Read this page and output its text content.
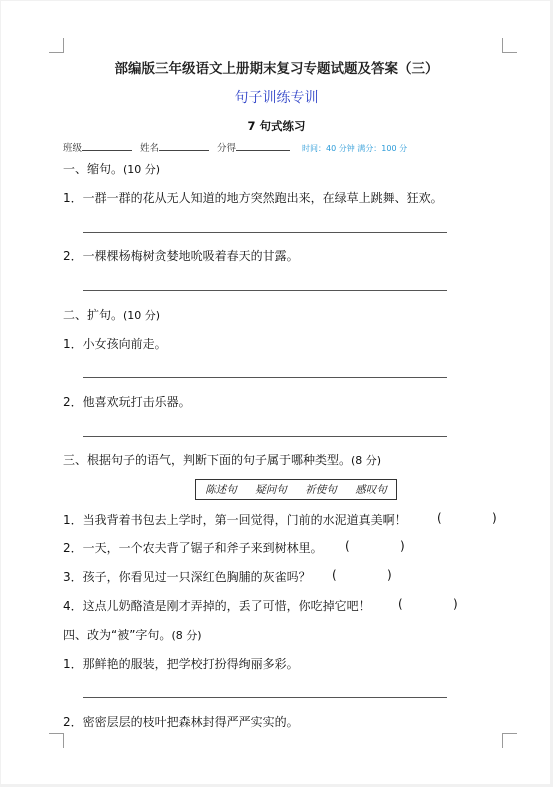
部编版三年级语文上册期末复习专题试题及答案（三）
句子训练专训
7 句式练习
班级	姓名	分得	时间：40 分钟 满分：100 分
一、缩句。(10 分)
1．一群一群的花从无人知道的地方突然跑出来，在绿草上跳舞、狂欢。
2．一棵棵杨梅树贪婪地吮吸着春天的甘露。
二、扩句。(10 分)
1．小女孩向前走。
2．他喜欢玩打击乐器。
三、根据句子的语气，判断下面的句子属于哪种类型。(8 分)
陈述句 疑问句 祈使句 感叹句
1．当我背着书包去上学时，第一回觉得，门前的水泥道真美啊！	(	)
2．一天，一个农夫背了锯子和斧子来到树林里。 (	)
3．孩子，你看见过一只深红色胸脯的灰雀吗？ (	)
4．这点儿奶酪渣是刚才弄掉的，丢了可惜，你吃掉它吧！ (	)
四、改为“被”字句。(8 分)
1．那鲜艳的服装，把学校打扮得绚丽多彩。
2．密密层层的枝叶把森林封得严严实实的。
